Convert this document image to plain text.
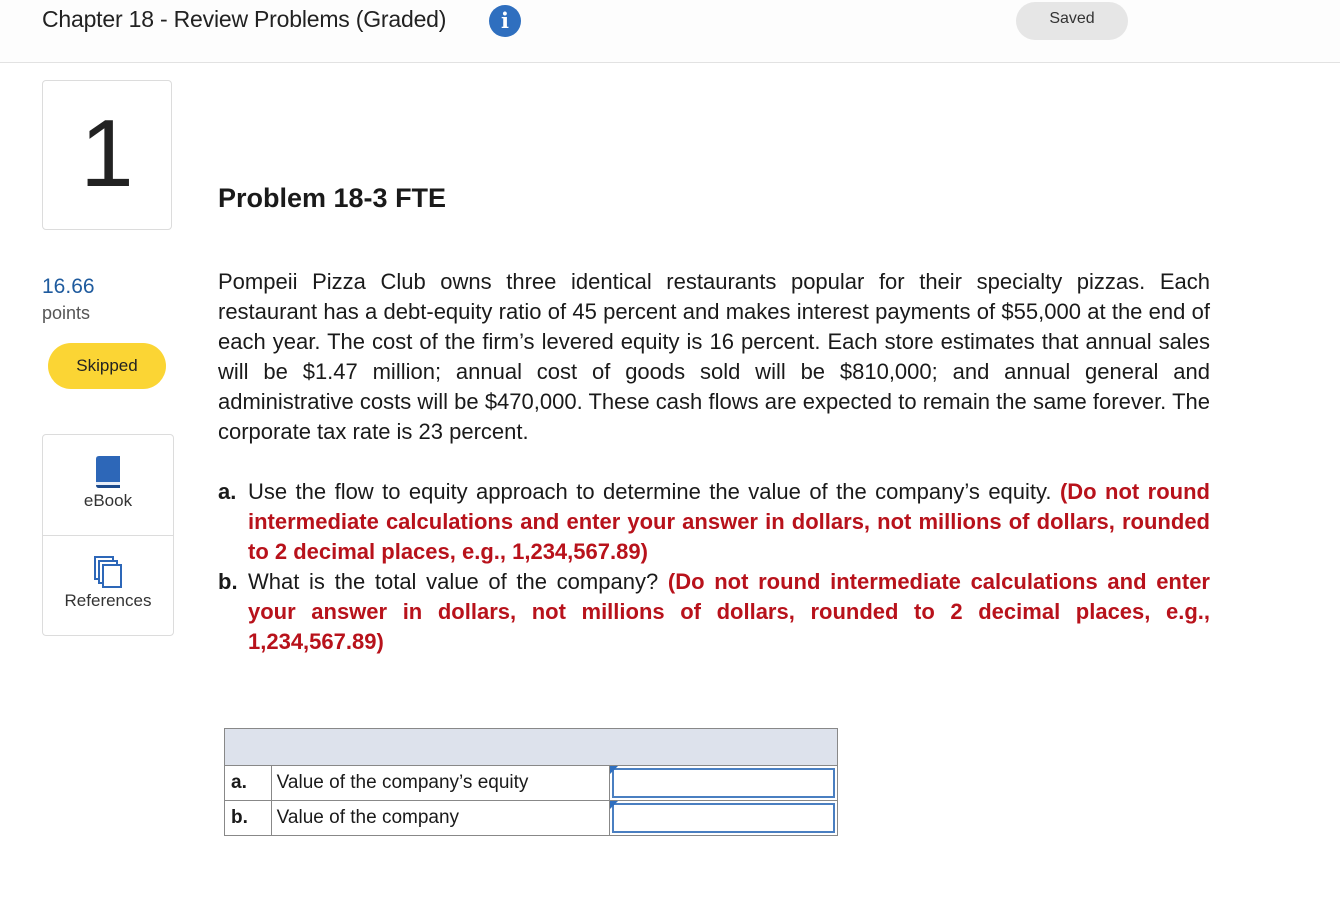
Chapter 18 - Review Problems (Graded)	i	Saved
1
16.66
points
Skipped
eBook
References
Problem 18-3 FTE
Pompeii Pizza Club owns three identical restaurants popular for their specialty pizzas. Each restaurant has a debt-equity ratio of 45 percent and makes interest payments of $55,000 at the end of each year. The cost of the firm’s levered equity is 16 percent. Each store estimates that annual sales will be $1.47 million; annual cost of goods sold will be $810,000; and annual general and administrative costs will be $470,000. These cash flows are expected to remain the same forever. The corporate tax rate is 23 percent.
a. Use the flow to equity approach to determine the value of the company’s equity. (Do not round intermediate calculations and enter your answer in dollars, not millions of dollars, rounded to 2 decimal places, e.g., 1,234,567.89)
b. What is the total value of the company? (Do not round intermediate calculations and enter your answer in dollars, not millions of dollars, rounded to 2 decimal places, e.g., 1,234,567.89)

a.	Value of the company’s equity	

b.	Value of the company	
